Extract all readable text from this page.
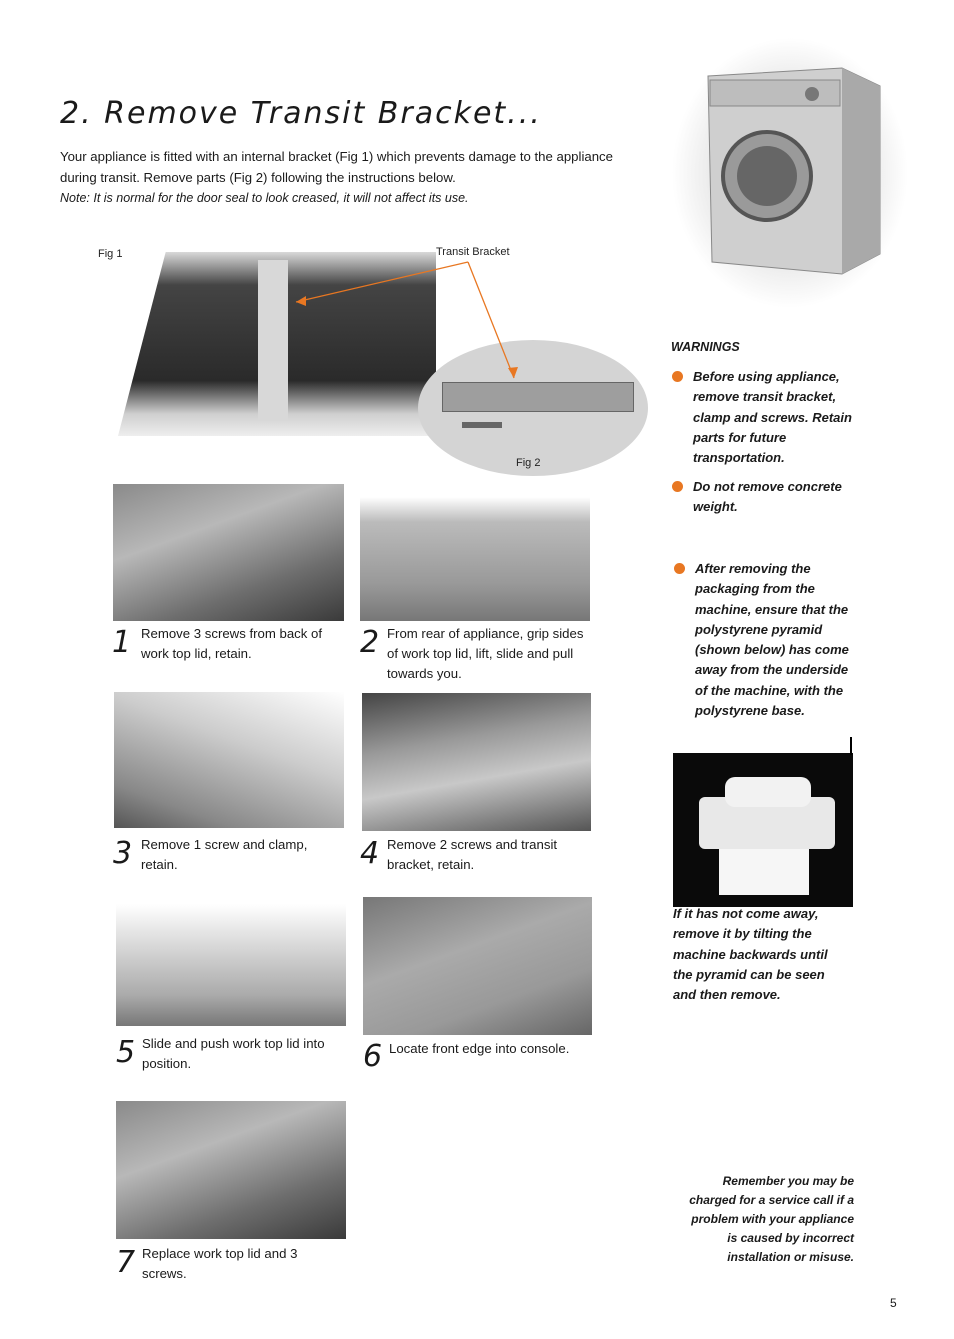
2. Remove Transit Bracket...

Your appliance is fitted with an internal bracket (Fig 1) which prevents damage to the appliance during transit. Remove parts (Fig 2) following the instructions below.

Note: It is normal for the door seal to look creased, it will not affect its use.

Fig 1	Transit Bracket
Fig 2
1 Remove 3 screws from back of work top lid, retain.	2 From rear of appliance, grip sides of work top lid, lift, slide and pull towards you.
3 Remove 1 screw and clamp, retain.	4 Remove 2 screws and transit bracket, retain.
5 Slide and push work top lid into position.	6 Locate front edge into console.
7 Replace work top lid and 3 screws.
WARNINGS
Before using appliance, remove transit bracket, clamp and screws. Retain parts for future transportation.
Do not remove concrete weight.
After removing the packaging from the machine, ensure that the polystyrene pyramid (shown below) has come away from the underside of the machine, with the polystyrene base.
If it has not come away, remove it by tilting the machine backwards until the pyramid can be seen and then remove.
Remember you may be charged for a service call if a problem with your appliance is caused by incorrect installation or misuse.
5
